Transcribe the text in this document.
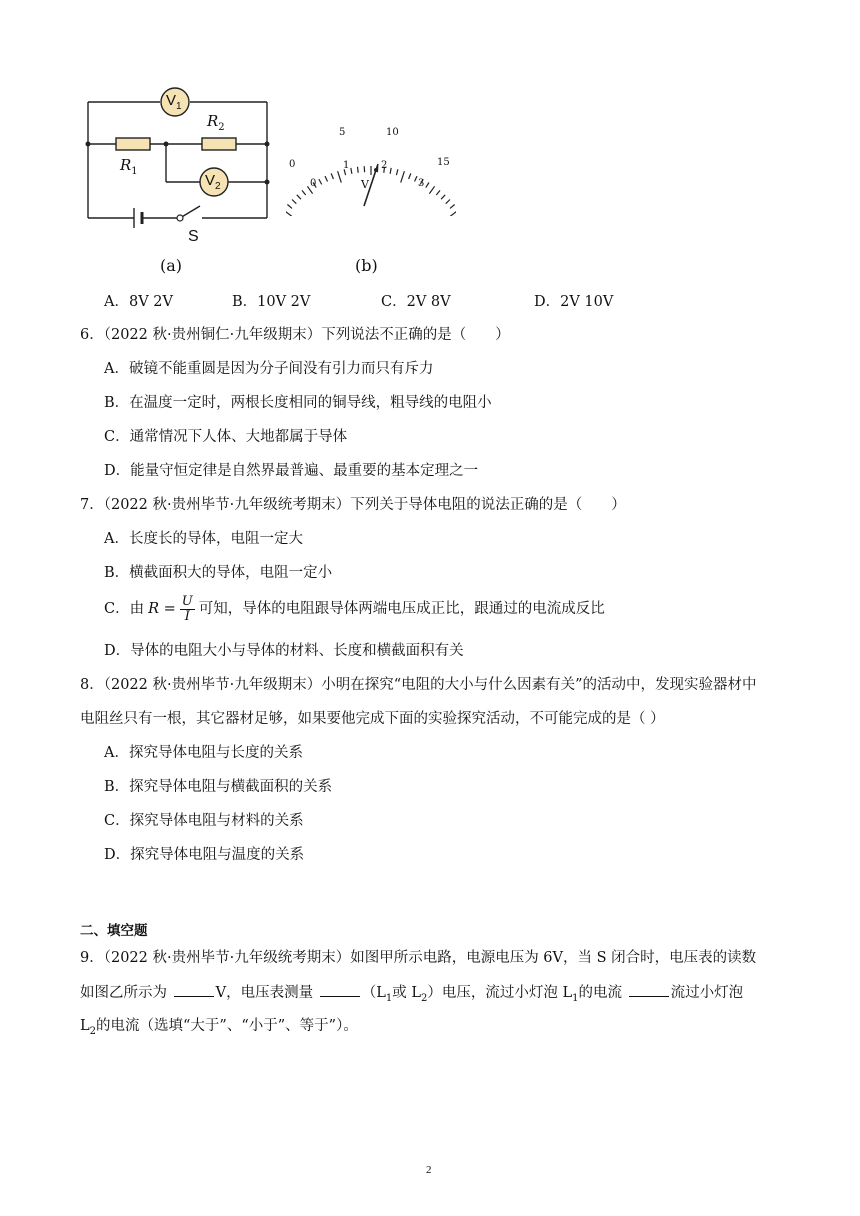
$V_1$
$V_2$
$R_2$
$R_1$
S
(a)
0
5	10
15
0
1	2
3
V
(b)
A．8V 2V	B．10V 2V	C．2V 8V	D．2V 10V
6．（2022 秋·贵州铜仁·九年级期末）下列说法不正确的是（　　）
A．破镜不能重圆是因为分子间没有引力而只有斥力
B．在温度一定时，两根长度相同的铜导线，粗导线的电阻小
C．通常情况下人体、大地都属于导体
D．能量守恒定律是自然界最普遍、最重要的基本定理之一
7．（2022 秋·贵州毕节·九年级统考期末）下列关于导体电阻的说法正确的是（　　）
A．长度长的导体，电阻一定大
B．横截面积大的导体，电阻一定小
C．由 $R = \frac{U}{I}$ 可知，导体的电阻跟导体两端电压成正比，跟通过的电流成反比
D．导体的电阻大小与导体的材料、长度和横截面积有关
8．（2022 秋·贵州毕节·九年级期末）小明在探究“电阻的大小与什么因素有关”的活动中，发现实验器材中
电阻丝只有一根，其它器材足够，如果要他完成下面的实验探究活动，不可能完成的是（ ）
A．探究导体电阻与长度的关系
B．探究导体电阻与横截面积的关系
C．探究导体电阻与材料的关系
D．探究导体电阻与温度的关系
二、填空题
9．（2022 秋·贵州毕节·九年级统考期末）如图甲所示电路，电源电压为 6V，当 S 闭合时，电压表的读数
如图乙所示为	V，电压表测量	（$L_1$或 $L_2$）电压，流过小灯泡 $L_1$的电流	流过小灯泡
$L_2$的电流（选填“大于”、“小于”、等于”）。
2
